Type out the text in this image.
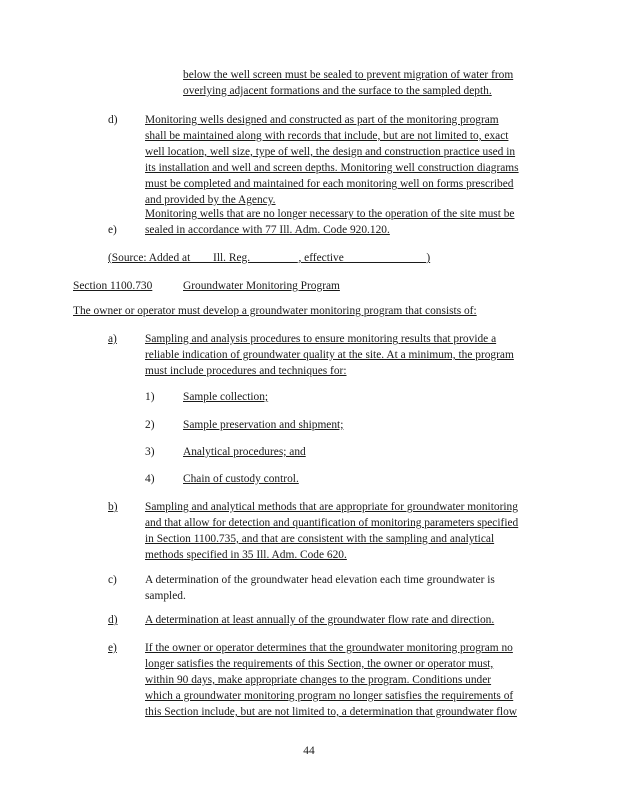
below the well screen must be sealed to prevent migration of water from
overlying adjacent formations and the surface to the sampled depth.
d) Monitoring wells designed and constructed as part of the monitoring program
shall be maintained along with records that include, but are not limited to, exact
well location, well size, type of well, the design and construction practice used in
its installation and well and screen depths. Monitoring well construction diagrams
must be completed and maintained for each monitoring well on forms prescribed
and provided by the Agency.
e)
Monitoring wells that are no longer necessary to the operation of the site must be
sealed in accordance with 77 Ill. Adm. Code 920.120.
(Source: Added at ___ Ill. Reg. ________, effective ______________)
Section 1100.730	Groundwater Monitoring Program
The owner or operator must develop a groundwater monitoring program that consists of:
a) Sampling and analysis procedures to ensure monitoring results that provide a
reliable indication of groundwater quality at the site. At a minimum, the program
must include procedures and techniques for:
1)	Sample collection;
2)	Sample preservation and shipment;
3)	Analytical procedures; and
4)	Chain of custody control.
b) Sampling and analytical methods that are appropriate for groundwater monitoring
and that allow for detection and quantification of monitoring parameters specified
in Section 1100.735, and that are consistent with the sampling and analytical
methods specified in 35 Ill. Adm. Code 620.
c) A determination of the groundwater head elevation each time groundwater is
sampled.
d) A determination at least annually of the groundwater flow rate and direction.
e) If the owner or operator determines that the groundwater monitoring program no
longer satisfies the requirements of this Section, the owner or operator must,
within 90 days, make appropriate changes to the program. Conditions under
which a groundwater monitoring program no longer satisfies the requirements of
this Section include, but are not limited to, a determination that groundwater flow
44
